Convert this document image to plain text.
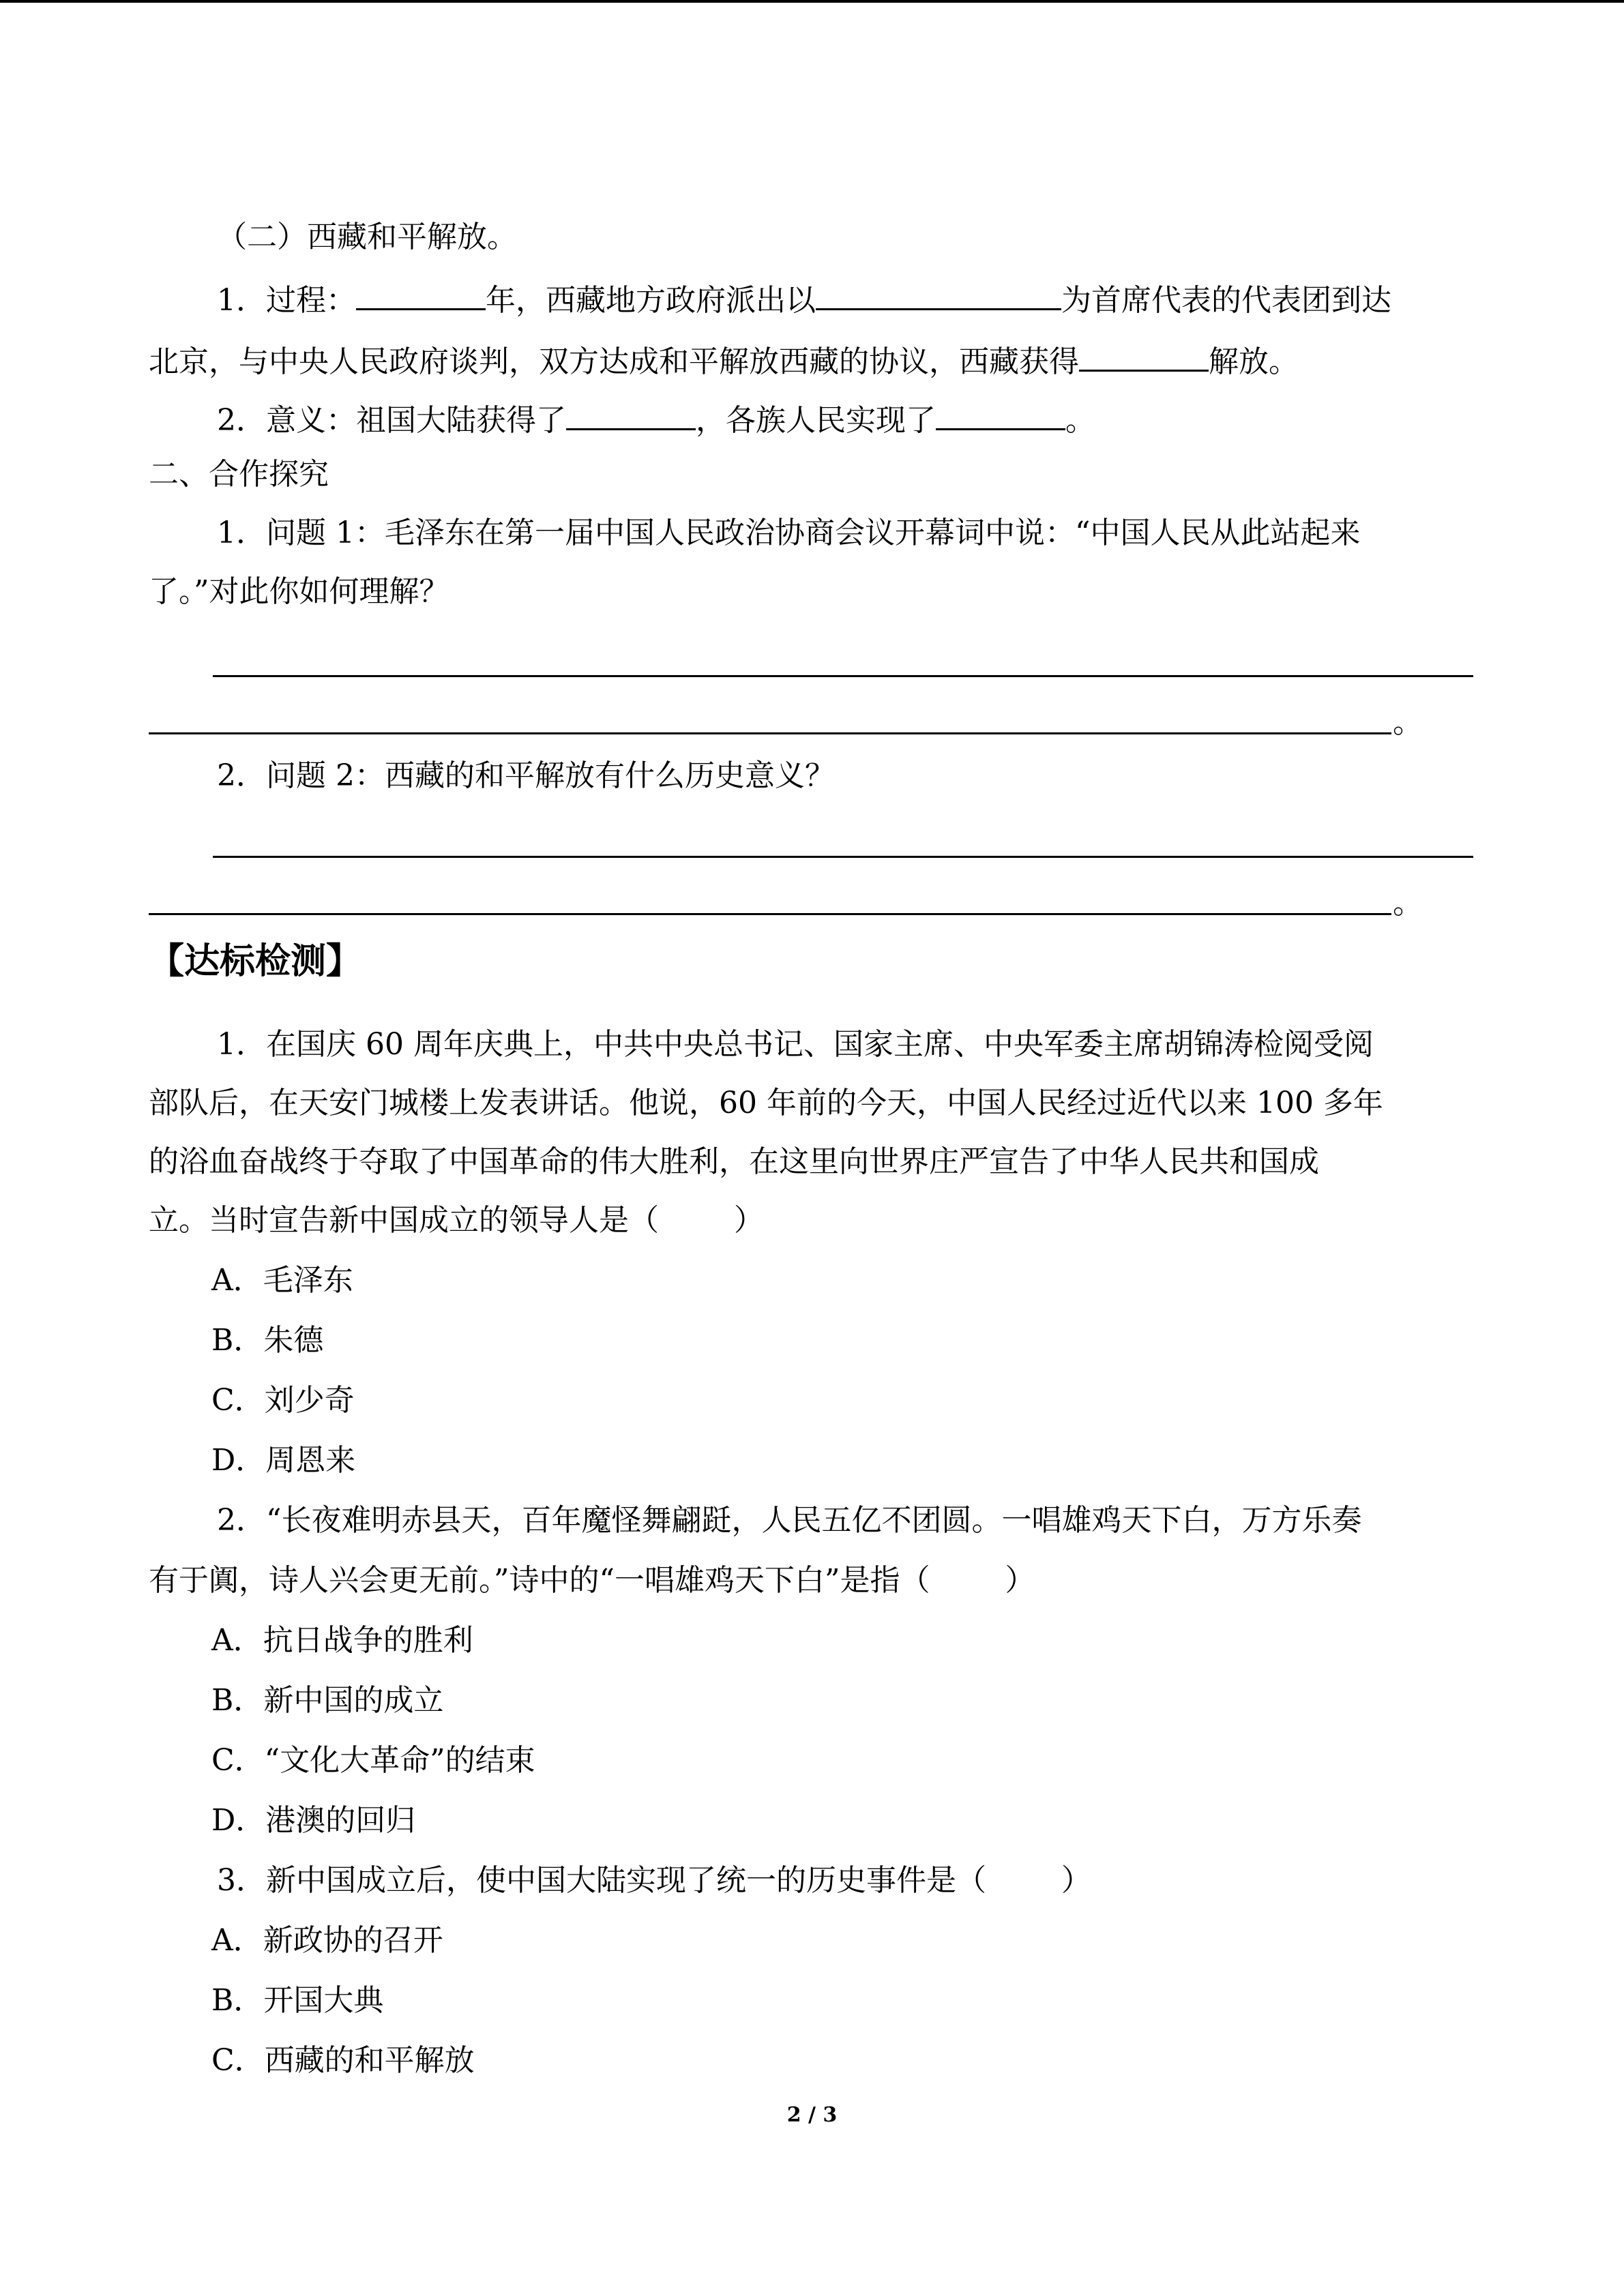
（二）西藏和平解放。
1．过程：	年，西藏地方政府派出以	为首席代表的代表团到达
北京，与中央人民政府谈判，双方达成和平解放西藏的协议，西藏获得	解放。
2．意义：祖国大陆获得了	，各族人民实现了	。
二、合作探究
1．问题 1：毛泽东在第一届中国人民政治协商会议开幕词中说：“中国人民从此站起来
了。”对此你如何理解？
。
2．问题 2：西藏的和平解放有什么历史意义？
。
【达标检测】
1．在国庆 60 周年庆典上，中共中央总书记、国家主席、中央军委主席胡锦涛检阅受阅
部队后，在天安门城楼上发表讲话。他说，60 年前的今天，中国人民经过近代以来 100 多年
的浴血奋战终于夺取了中国革命的伟大胜利，在这里向世界庄严宣告了中华人民共和国成
立。当时宣告新中国成立的领导人是（	）
A．毛泽东
B．朱德
C．刘少奇
D．周恩来
2．“长夜难明赤县天，百年魔怪舞翩跹，人民五亿不团圆。一唱雄鸡天下白，万方乐奏
有于阗，诗人兴会更无前。”诗中的“一唱雄鸡天下白”是指（	）
A．抗日战争的胜利
B．新中国的成立
C．“文化大革命”的结束
D．港澳的回归
3．新中国成立后，使中国大陆实现了统一的历史事件是（	）
A．新政协的召开
B．开国大典
C．西藏的和平解放
2 / 3
